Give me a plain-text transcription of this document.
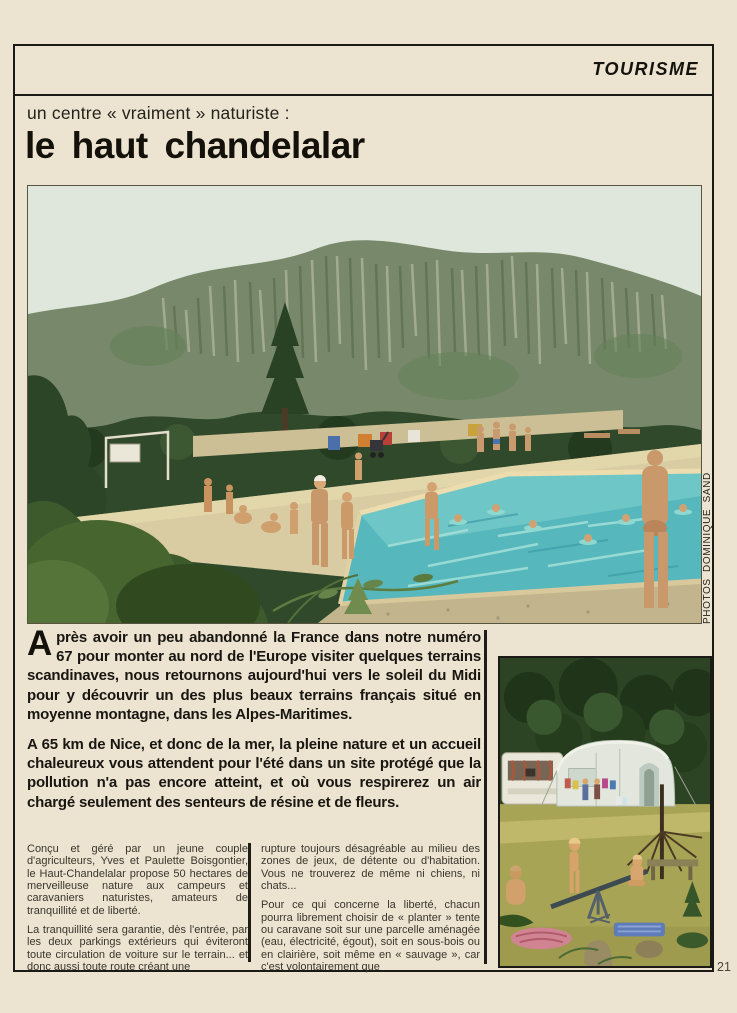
TOURISME
un centre « vraiment » naturiste :
le haut chandelalar
PHOTOS DOMINIQUE SAND

Après avoir un peu abandonné la France dans notre numéro 67 pour monter au nord de l'Europe visiter quelques terrains scandinaves, nous retournons aujourd'hui vers le soleil du Midi pour y découvrir un des plus beaux terrains français situé en moyenne montagne, dans les Alpes-Maritimes.

A 65 km de Nice, et donc de la mer, la pleine nature et un accueil chaleureux vous attendent pour l'été dans un site protégé que la pollution n'a pas encore atteint, et où vous respirerez un air chargé seulement des senteurs de résine et de fleurs.

Conçu et géré par un jeune couple d'agriculteurs, Yves et Paulette Boisgontier, le Haut-Chandelalar propose 50 hectares de merveilleuse nature aux campeurs et caravaniers naturistes, amateurs de tranquillité et de liberté.

La tranquillité sera garantie, dès l'entrée, par les deux parkings extérieurs qui éviteront toute circulation de voiture sur le terrain... et donc aussi toute route créant une

rupture toujours désagréable au milieu des zones de jeux, de détente ou d'habitation. Vous ne trouverez de même ni chiens, ni chats...

Pour ce qui concerne la liberté, chacun pourra librement choisir de « planter » tente ou caravane soit sur une parcelle aménagée (eau, électricité, égout), soit en sous-bois ou en clairière, soit même en « sauvage », car c'est volontairement que	21
